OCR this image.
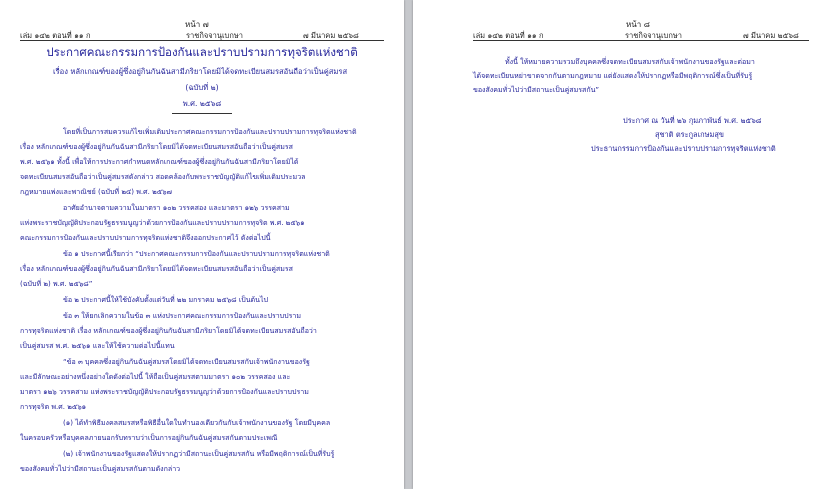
หน้า ๗
เล่ม ๑๔๒ ตอนที่ ๑๑ ก	ราชกิจจานุเบกษา	๗ มีนาคม ๒๕๖๘
ประกาศคณะกรรมการป้องกันและปราบปรามการทุจริตแห่งชาติ
เรื่อง หลักเกณฑ์ของผู้ซึ่งอยู่กินกันฉันสามีภริยาโดยมิได้จดทะเบียนสมรสอันถือว่าเป็นคู่สมรส
(ฉบับที่ ๒)
พ.ศ. ๒๕๖๘
โดยที่เป็นการสมควรแก้ไขเพิ่มเติมประกาศคณะกรรมการป้องกันและปราบปรามการทุจริตแห่งชาติ
เรื่อง หลักเกณฑ์ของผู้ซึ่งอยู่กินกันฉันสามีภริยาโดยมิได้จดทะเบียนสมรสอันถือว่าเป็นคู่สมรส
พ.ศ. ๒๕๖๑ ทั้งนี้ เพื่อให้การประกาศกำหนดหลักเกณฑ์ของผู้ซึ่งอยู่กินกันฉันสามีภริยาโดยมิได้
จดทะเบียนสมรสอันถือว่าเป็นคู่สมรสดังกล่าว สอดคล้องกับพระราชบัญญัติแก้ไขเพิ่มเติมประมวล
กฎหมายแพ่งและพาณิชย์ (ฉบับที่ ๒๔) พ.ศ. ๒๕๖๗
อาศัยอำนาจตามความในมาตรา ๑๐๒ วรรคสอง และมาตรา ๑๒๖ วรรคสาม
แห่งพระราชบัญญัติประกอบรัฐธรรมนูญว่าด้วยการป้องกันและปราบปรามการทุจริต พ.ศ. ๒๕๖๑
คณะกรรมการป้องกันและปราบปรามการทุจริตแห่งชาติจึงออกประกาศไว้ ดังต่อไปนี้
ข้อ ๑ ประกาศนี้เรียกว่า “ประกาศคณะกรรมการป้องกันและปราบปรามการทุจริตแห่งชาติ
เรื่อง หลักเกณฑ์ของผู้ซึ่งอยู่กินกันฉันสามีภริยาโดยมิได้จดทะเบียนสมรสอันถือว่าเป็นคู่สมรส
(ฉบับที่ ๒) พ.ศ. ๒๕๖๘”
ข้อ ๒ ประกาศนี้ให้ใช้บังคับตั้งแต่วันที่ ๒๒ มกราคม ๒๕๖๘ เป็นต้นไป
ข้อ ๓ ให้ยกเลิกความในข้อ ๓ แห่งประกาศคณะกรรมการป้องกันและปราบปราม
การทุจริตแห่งชาติ เรื่อง หลักเกณฑ์ของผู้ซึ่งอยู่กินกันฉันสามีภริยาโดยมิได้จดทะเบียนสมรสอันถือว่า
เป็นคู่สมรส พ.ศ. ๒๕๖๑ และให้ใช้ความต่อไปนี้แทน
“ข้อ ๓ บุคคลซึ่งอยู่กินกันฉันคู่สมรสโดยมิได้จดทะเบียนสมรสกับเจ้าพนักงานของรัฐ
และมีลักษณะอย่างหนึ่งอย่างใดดังต่อไปนี้ ให้ถือเป็นคู่สมรสตามมาตรา ๑๐๒ วรรคสอง และ
มาตรา ๑๒๖ วรรคสาม แห่งพระราชบัญญัติประกอบรัฐธรรมนูญว่าด้วยการป้องกันและปราบปราม
การทุจริต พ.ศ. ๒๕๖๑
(๑) ได้ทำพิธีมงคลสมรสหรือพิธีอื่นใดในทำนองเดียวกันกับเจ้าพนักงานของรัฐ โดยมีบุคคล
ในครอบครัวหรือบุคคลภายนอกรับทราบว่าเป็นการอยู่กินกันฉันคู่สมรสกันตามประเพณี
(๒) เจ้าพนักงานของรัฐแสดงให้ปรากฏว่ามีสถานะเป็นคู่สมรสกัน หรือมีพฤติการณ์เป็นที่รับรู้
ของสังคมทั่วไปว่ามีสถานะเป็นคู่สมรสกันตามดังกล่าว
หน้า ๘
เล่ม ๑๔๒ ตอนที่ ๑๑ ก	ราชกิจจานุเบกษา	๗ มีนาคม ๒๕๖๘
ทั้งนี้ ให้หมายความรวมถึงบุคคลซึ่งจดทะเบียนสมรสกับเจ้าพนักงานของรัฐและต่อมา
ได้จดทะเบียนหย่าขาดจากกันตามกฎหมาย แต่ยังแสดงให้ปรากฏหรือมีพฤติการณ์ซึ่งเป็นที่รับรู้
ของสังคมทั่วไปว่ามีสถานะเป็นคู่สมรสกัน”
ประกาศ ณ วันที่ ๒๖ กุมภาพันธ์ พ.ศ. ๒๕๖๘
สุชาติ ตระกูลเกษมสุข
ประธานกรรมการป้องกันและปราบปรามการทุจริตแห่งชาติ
